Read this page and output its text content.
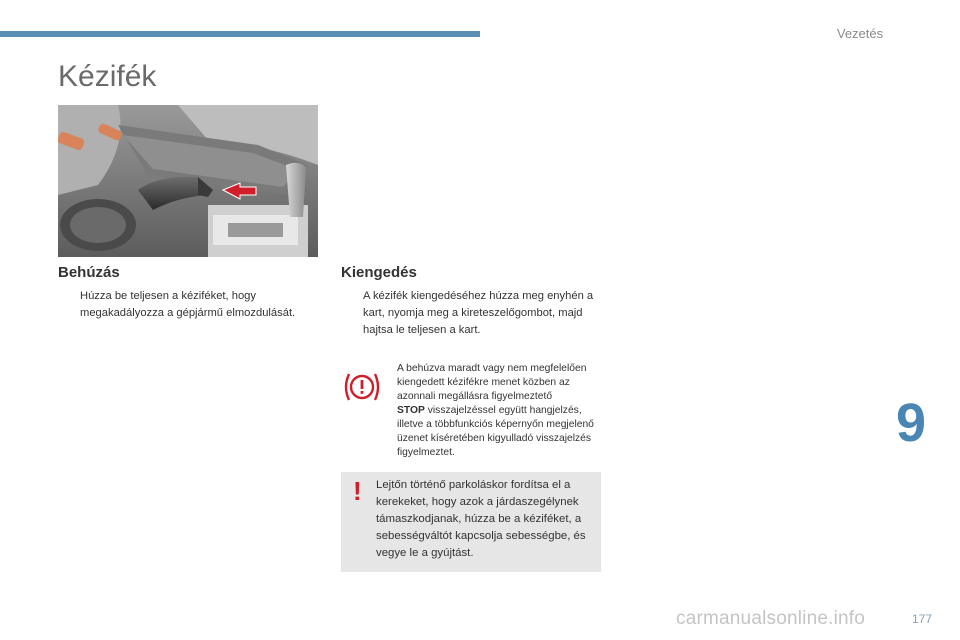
Vezetés
Kézifék
Behúzás
Húzza be teljesen a kéziféket, hogy megakadályozza a gépjármű elmozdulását.
Kiengedés
A kézifék kiengedéséhez húzza meg enyhén a kart, nyomja meg a kireteszelőgombot, majd hajtsa le teljesen a kart.
A behúzva maradt vagy nem megfelelően kiengedett kézifékre menet közben az azonnali megállásra figyelmeztető
STOP visszajelzéssel együtt hangjelzés, illetve a többfunkciós képernyőn megjelenő üzenet kíséretében kigyulladó visszajelzés figyelmeztet.
! Lejtőn történő parkoláskor fordítsa el a kerekeket, hogy azok a járdaszegélynek támaszkodjanak, húzza be a kéziféket, a sebességváltót kapcsolja sebességbe, és vegye le a gyújtást.
9
carmanualsonline.info	177
